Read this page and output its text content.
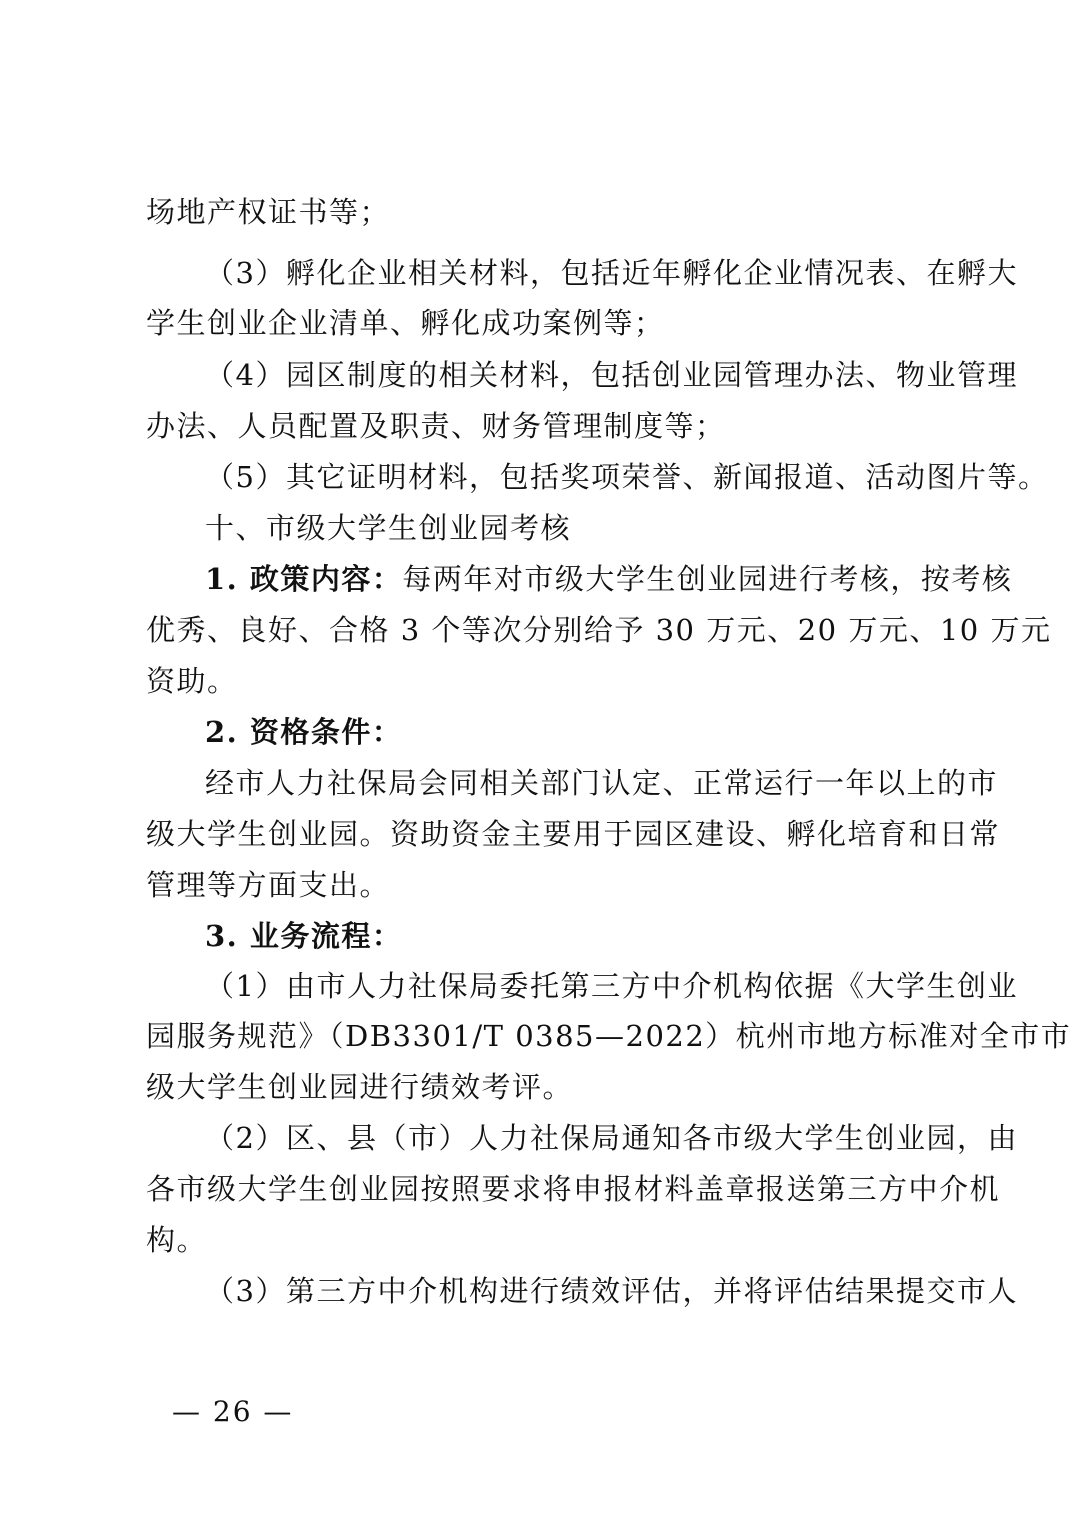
场地产权证书等；
（3）孵化企业相关材料，包括近年孵化企业情况表、在孵大
学生创业企业清单、孵化成功案例等；
（4）园区制度的相关材料，包括创业园管理办法、物业管理
办法、人员配置及职责、财务管理制度等；
（5）其它证明材料，包括奖项荣誉、新闻报道、活动图片等。
十、市级大学生创业园考核
1. 政策内容：每两年对市级大学生创业园进行考核，按考核
优秀、良好、合格 3 个等次分别给予 30 万元、20 万元、10 万元
资助。
2. 资格条件：
经市人力社保局会同相关部门认定、正常运行一年以上的市
级大学生创业园。资助资金主要用于园区建设、孵化培育和日常
管理等方面支出。
3. 业务流程：
（1）由市人力社保局委托第三方中介机构依据《大学生创业
园服务规范》（DB3301/T 0385—2022）杭州市地方标准对全市市
级大学生创业园进行绩效考评。
（2）区、县（市）人力社保局通知各市级大学生创业园，由
各市级大学生创业园按照要求将申报材料盖章报送第三方中介机
构。
（3）第三方中介机构进行绩效评估，并将评估结果提交市人
— 26 —
